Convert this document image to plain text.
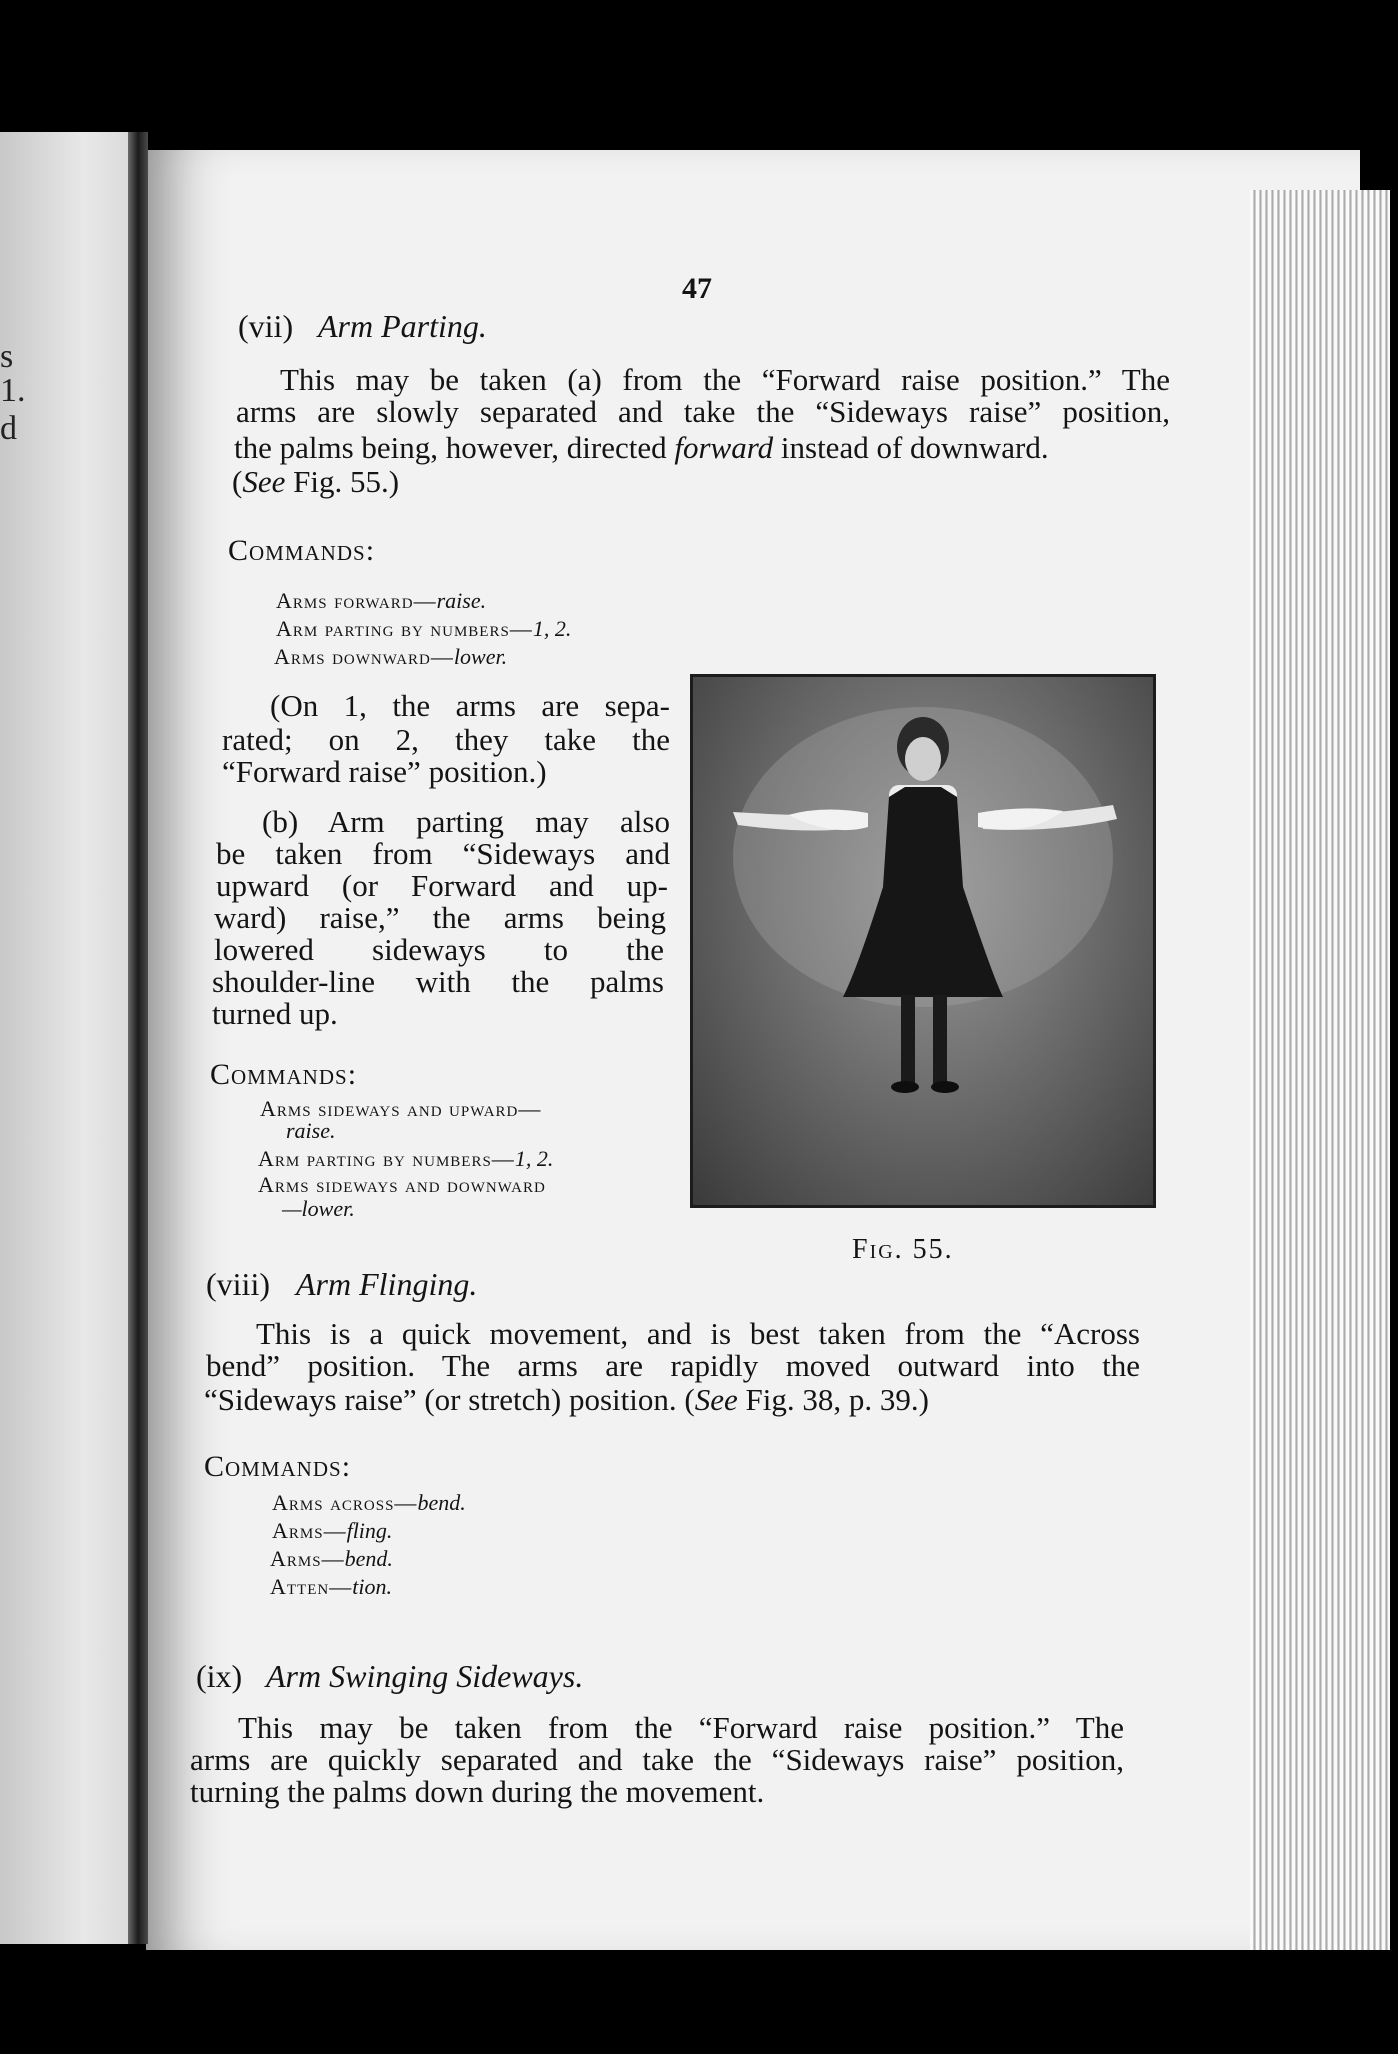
s
1.
d
47
(vii) Arm Parting.
This may be taken (a) from the “Forward raise position.” The
arms are slowly separated and take the “Sideways raise” position,
the palms being, however, directed forward instead of downward.
(See Fig. 55.)
Commands:
Arms forward—raise.
Arm parting by numbers—1, 2.
Arms downward—lower.
(On 1, the arms are sepa-
rated; on 2, they take the
“Forward raise” position.)
(b) Arm parting may also
be taken from “Sideways and
upward (or Forward and up-
ward) raise,” the arms being
lowered sideways to the
shoulder-line with the palms
turned up.
Commands:
Arms sideways and upward—
raise.
Arm parting by numbers—1, 2.
Arms sideways and downward
—lower.
Fig. 55.
(viii) Arm Flinging.
This is a quick movement, and is best taken from the “Across
bend” position. The arms are rapidly moved outward into the
“Sideways raise” (or stretch) position. (See Fig. 38, p. 39.)
Commands:
Arms across—bend.
Arms—fling.
Arms—bend.
Atten—tion.
(ix) Arm Swinging Sideways.
This may be taken from the “Forward raise position.” The
arms are quickly separated and take the “Sideways raise” position,
turning the palms down during the movement.
